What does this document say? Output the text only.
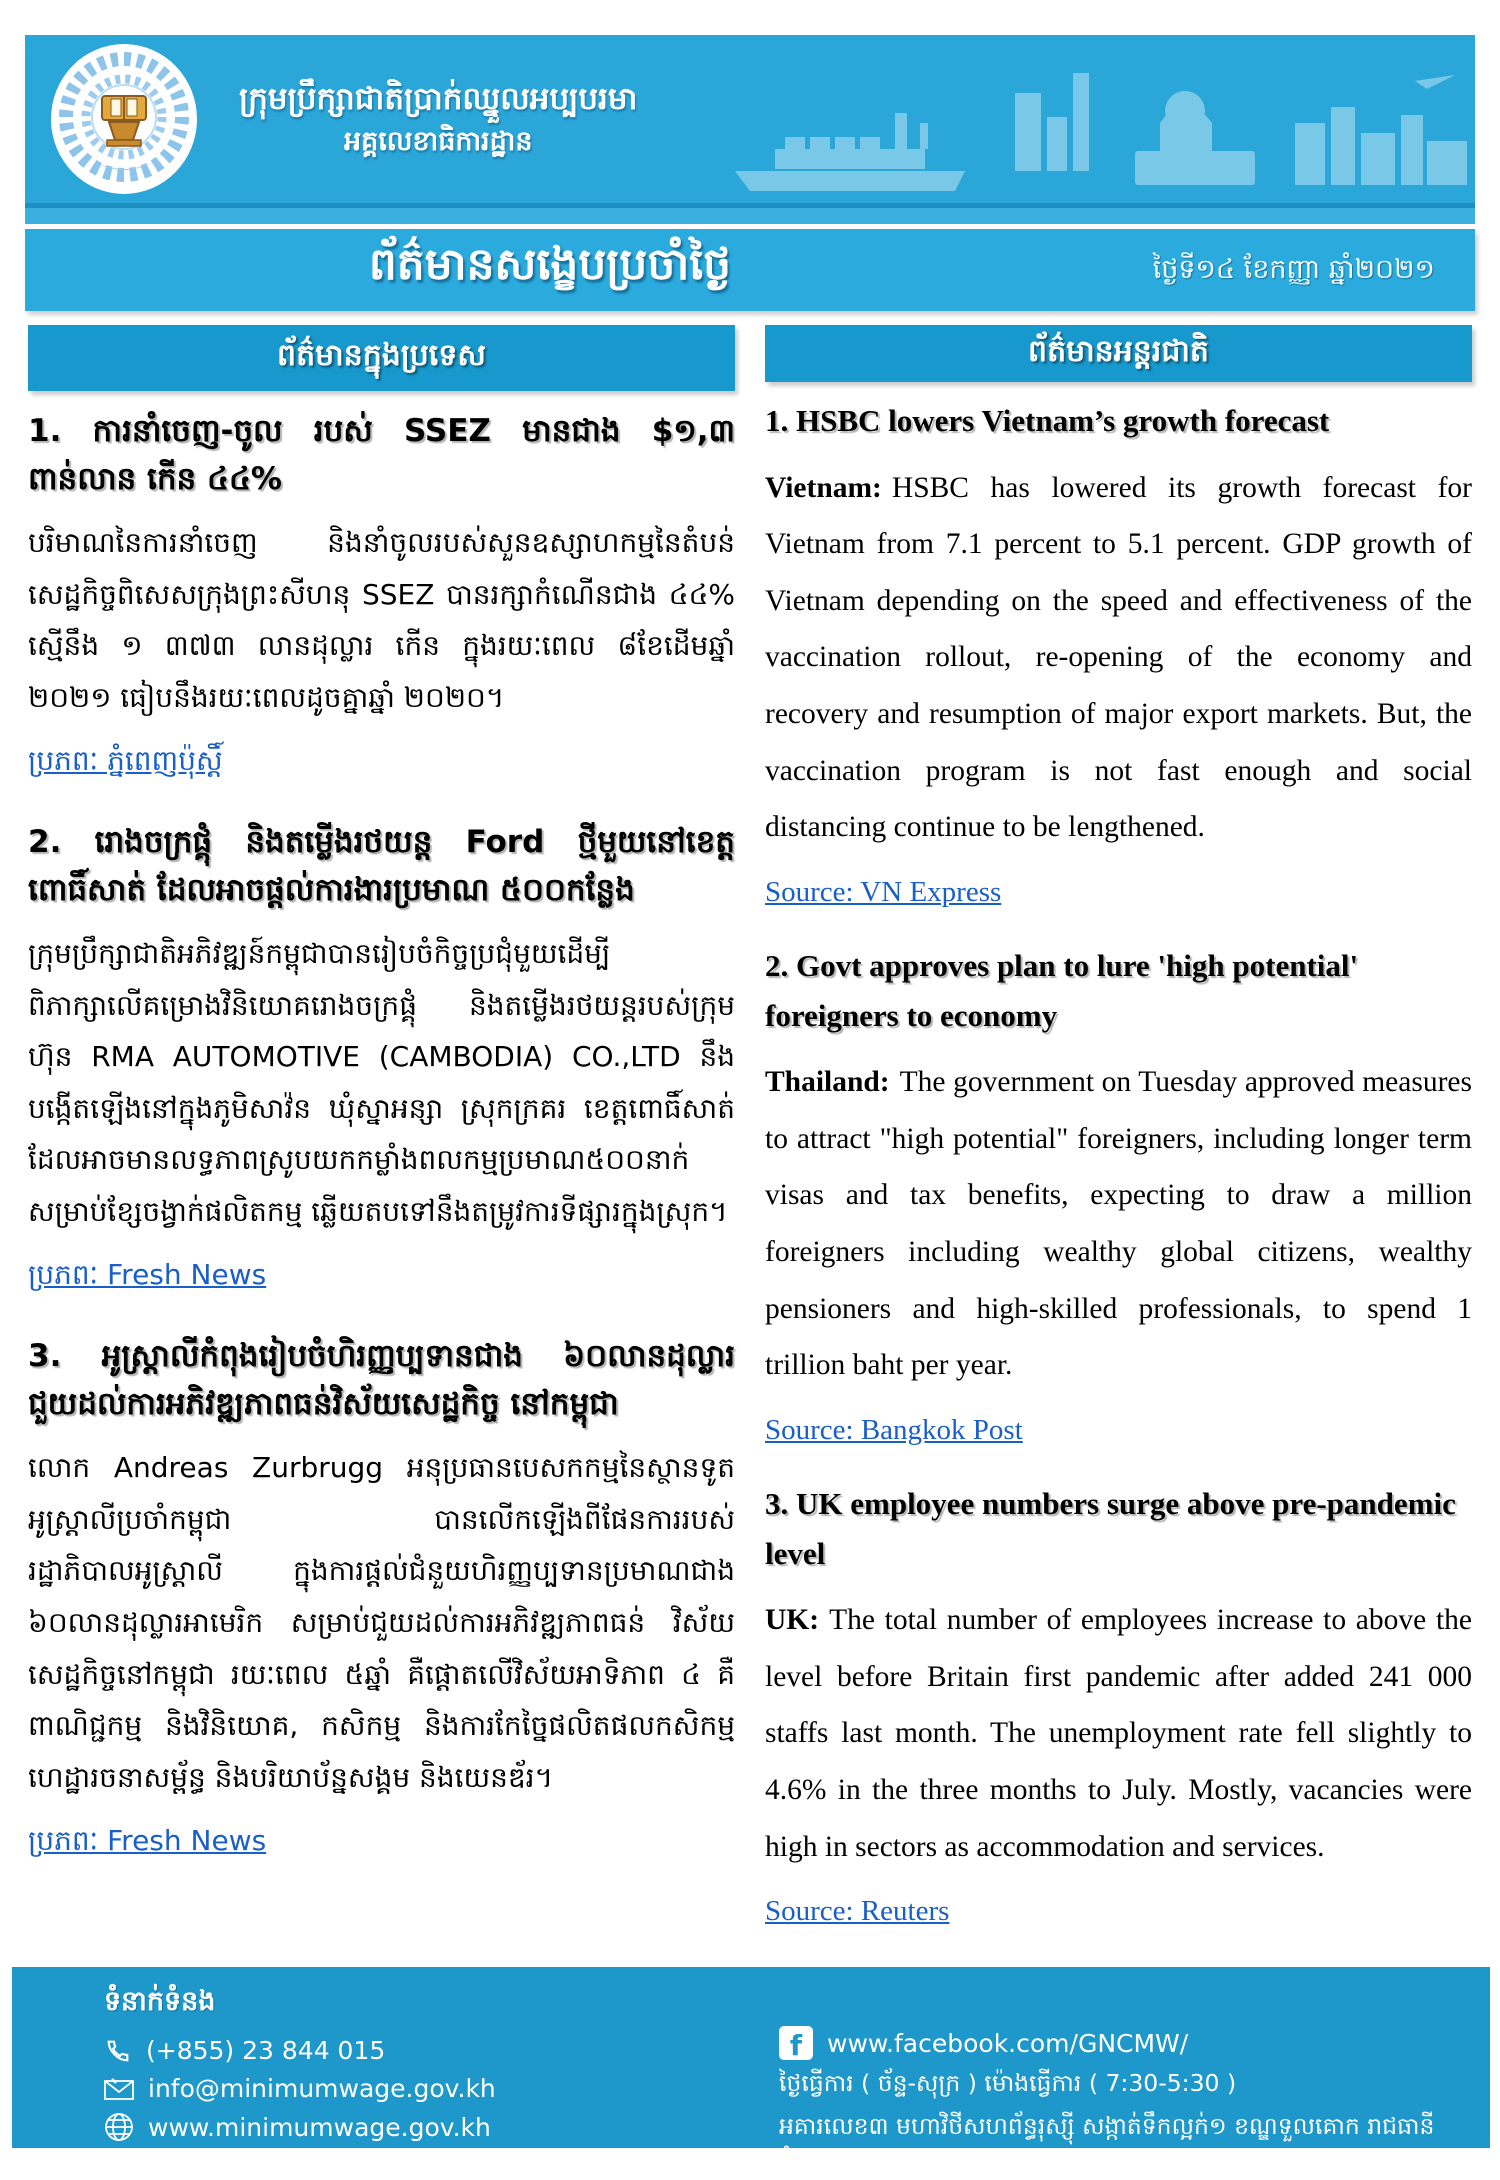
ក្រុមប្រឹក្សាជាតិប្រាក់ឈ្នួលអប្បបរមា
អគ្គលេខាធិការដ្ឋាន
ព័ត៌មានសង្ខេបប្រចាំថ្ងៃ	ថ្ងៃទី១៤ ខែកញ្ញា ឆ្នាំ២០២១
ព័ត៌មានក្នុងប្រទេស
1. ការនាំចេញ-ចូល របស់ SSEZ មានជាង $១,៣ ពាន់លាន កើន ៤៤%
បរិមាណនៃការនាំចេញ និងនាំចូលរបស់សួនឧស្សាហកម្មនៃតំបន់សេដ្ឋកិច្ចពិសេសក្រុងព្រះសីហនុ SSEZ បានរក្សាកំណើនជាង ៤៤% ស្មើនឹង ១ ៣៧៣ លានដុល្លារ កើន ក្នុងរយៈពេល ៨ខែដើមឆ្នាំ ២០២១ ធៀបនឹងរយៈពេលដូចគ្នាឆ្នាំ ២០២០។
ប្រភពៈ ភ្នំពេញប៉ុស្ដិ៍
2. រោងចក្រផ្គុំ និងតម្លើងរថយន្ត Ford ថ្មីមួយនៅខេត្តពោធិ៍សាត់ ដែលអាចផ្ដល់ការងារប្រមាណ ៥០០កន្លែង
ក្រុមប្រឹក្សាជាតិអភិវឌ្ឍន៍កម្ពុជាបានរៀបចំកិច្ចប្រជុំមួយដើម្បីពិភាក្សាលើគម្រោងវិនិយោគរោងចក្រផ្គុំ និងតម្លើងរថយន្តរបស់ក្រុមហ៊ុន RMA AUTOMOTIVE (CAMBODIA) CO.,LTD នឹងបង្កើតឡើងនៅក្នុងភូមិសាវ៉ន ឃុំស្នាអន្សា ស្រុកក្រគរ ខេត្តពោធិ៍សាត់ ដែលអាចមានលទ្ធភាពស្រូបយកកម្លាំងពលកម្មប្រមាណ៥០០នាក់ សម្រាប់ខ្សែចង្វាក់ផលិតកម្ម ឆ្លើយតបទៅនឹងតម្រូវការទីផ្សារក្នុងស្រុក។
ប្រភពៈ Fresh News
3. អូស្ត្រាលីកំពុងរៀបចំហិរញ្ញប្បទានជាង ៦០លានដុល្លារ ជួយដល់ការអភិវឌ្ឍភាពធន់វិស័យសេដ្ឋកិច្ច នៅកម្ពុជា
លោក Andreas Zurbrugg អនុប្រធានបេសកកម្មនៃស្ថានទូតអូស្ត្រាលីប្រចាំកម្ពុជា បានលើកឡើងពីផែនការរបស់រដ្ឋាភិបាលអូស្ត្រាលី ក្នុងការផ្ដល់ជំនួយហិរញ្ញប្បទានប្រមាណជាង ៦០លានដុល្លារអាមេរិក សម្រាប់ជួយដល់ការអភិវឌ្ឍភាពធន់ វិស័យសេដ្ឋកិច្ចនៅកម្ពុជា រយៈពេល ៥ឆ្នាំ គឺផ្ដោតលើវិស័យអាទិភាព ៤ គឺ ពាណិជ្ជកម្ម និងវិនិយោគ, កសិកម្ម និងការកែច្នៃផលិតផលកសិកម្ម ហេដ្ឋារចនាសម្ព័ន្ធ និងបរិយាប័ន្នសង្គម និងយេនឌ័រ។
ប្រភពៈ Fresh News
ព័ត៌មានអន្តរជាតិ
1. HSBC lowers Vietnam’s growth forecast

Vietnam: HSBC has lowered its growth forecast for Vietnam from 7.1 percent to 5.1 percent. GDP growth of Vietnam depending on the speed and effectiveness of the vaccination rollout, re-opening of the economy and recovery and resumption of major export markets. But, the vaccination program is not fast enough and social distancing continue to be lengthened.

Source: VN Express
2. Govt approves plan to lure 'high potential' foreigners to economy

Thailand: The government on Tuesday approved measures to attract "high potential" foreigners, including longer term visas and tax benefits, expecting to draw a million foreigners including wealthy global citizens, wealthy pensioners and high-skilled professionals, to spend 1 trillion baht per year.

Source: Bangkok Post
3. UK employee numbers surge above pre-pandemic level

UK: The total number of employees increase to above the level before Britain first pandemic after added 241 000 staffs last month. The unemployment rate fell slightly to 4.6% in the three months to July. Mostly, vacancies were high in sectors as accommodation and services.

Source: Reuters
ទំនាក់ទំនង
(+855) 23 844 015
info@minimumwage.gov.kh
www.minimumwage.gov.kh
f
www.facebook.com/GNCMW/
ថ្ងៃធ្វើការ ( ច័ន្ទ-សុក្រ ) ម៉ោងធ្វើការ ( 7:30-5:30 )
អគារលេខ៣ មហាវិថីសហព័ន្ធរុស្ស៊ី សង្កាត់ទឹកល្អក់១ ខណ្ឌទួលគោក រាជធានីភ្នំពេញ
